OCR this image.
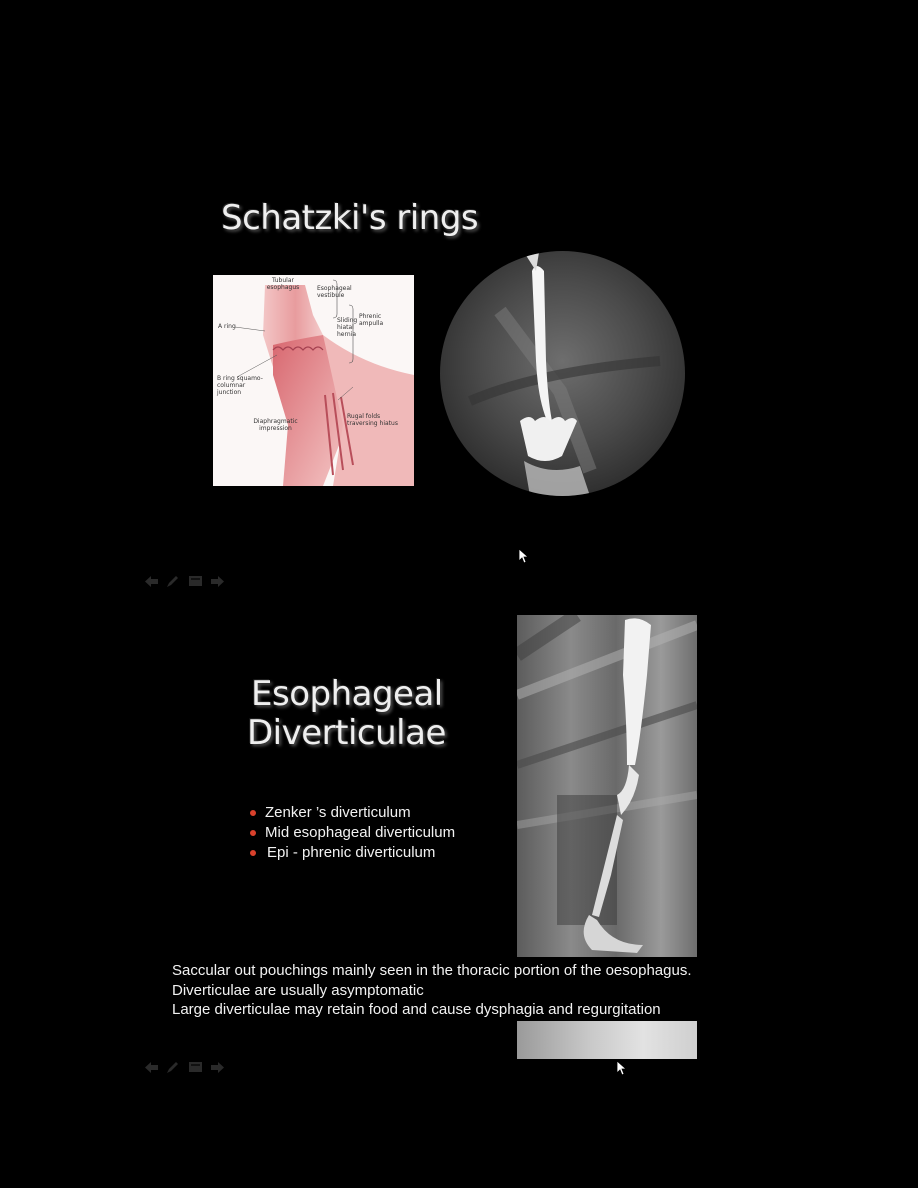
Schatzki's rings
Tubular esophagus	Esophageal vestibule
Phrenic ampulla
Sliding hiatal hernia
A ring
B ring squamo-columnar junction
Rugal folds traversing hiatus
Diaphragmatic impression
Esophageal
Diverticulae
Zenker ’s diverticulum
Mid esophageal diverticulum
Epi - phrenic diverticulum
Saccular out pouchings mainly seen in the thoracic portion of the oesophagus.
Diverticulae are usually asymptomatic
Large diverticulae may retain food and cause dysphagia and regurgitation
